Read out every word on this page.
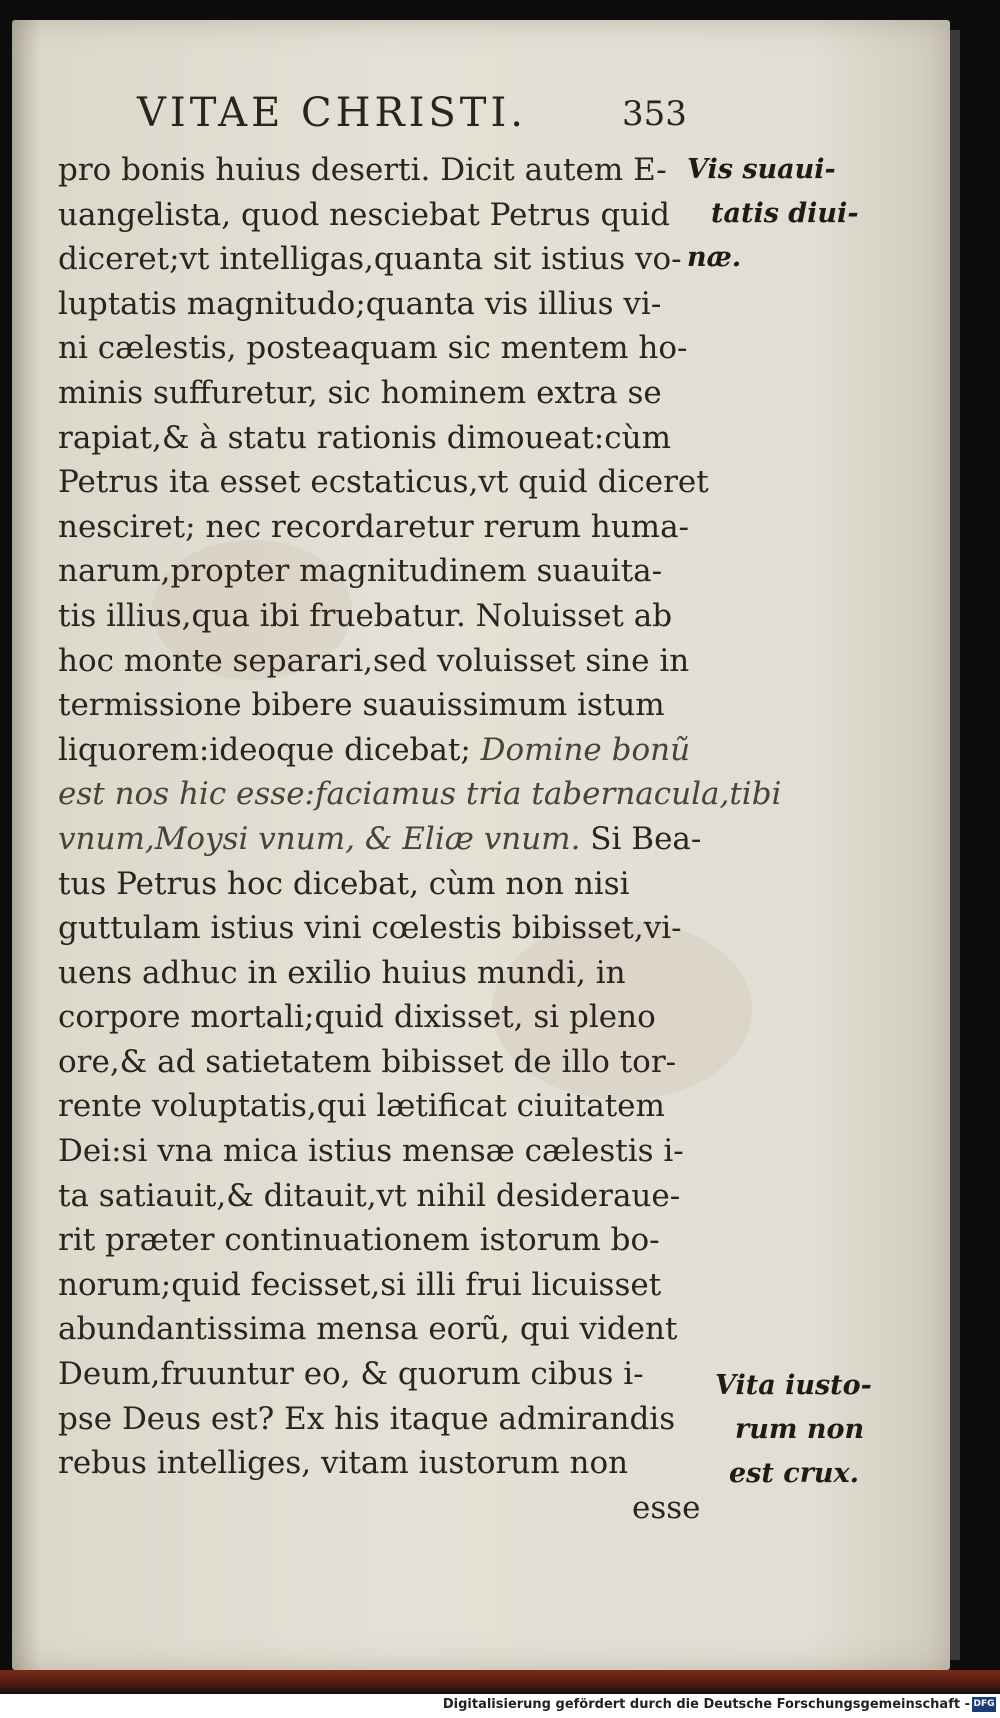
VITAE CHRISTI.	353
pro bonis huius deserti. Dicit autem E-
uangelista, quod nesciebat Petrus quid
diceret;vt intelligas,quanta sit istius vo-
luptatis magnitudo;quanta vis illius vi-
ni cælestis, posteaquam sic mentem ho-
minis suffuretur, sic hominem extra se
rapiat,& à statu rationis dimoueat:cùm
Petrus ita esset ecstaticus,vt quid diceret
nesciret; nec recordaretur rerum huma-
narum,propter magnitudinem suauita-
tis illius,qua ibi fruebatur. Noluisset ab
hoc monte separari,sed voluisset sine in
termissione bibere suauissimum istum
liquorem:ideoque dicebat; Domine bonũ
est nos hic esse:faciamus tria tabernacula,tibi
vnum,Moysi vnum, & Eliæ vnum. Si Bea-
tus Petrus hoc dicebat, cùm non nisi
guttulam istius vini cœlestis bibisset,vi-
uens adhuc in exilio huius mundi, in
corpore mortali;quid dixisset, si pleno
ore,& ad satietatem bibisset de illo tor-
rente voluptatis,qui lætificat ciuitatem
Dei:si vna mica istius mensæ cælestis i-
ta satiauit,& ditauit,vt nihil desideraue-
rit præter continuationem istorum bo-
norum;quid fecisset,si illi frui licuisset
abundantissima mensa eorũ, qui vident
Deum,fruuntur eo, & quorum cibus i-
pse Deus est? Ex his itaque admirandis
rebus intelliges, vitam iustorum non
esse
Vis suaui-
tatis diui-
næ.
Vita iusto-
rum non
est crux.
Digitalisierung gefördert durch die Deutsche Forschungsgemeinschaft - DFG
